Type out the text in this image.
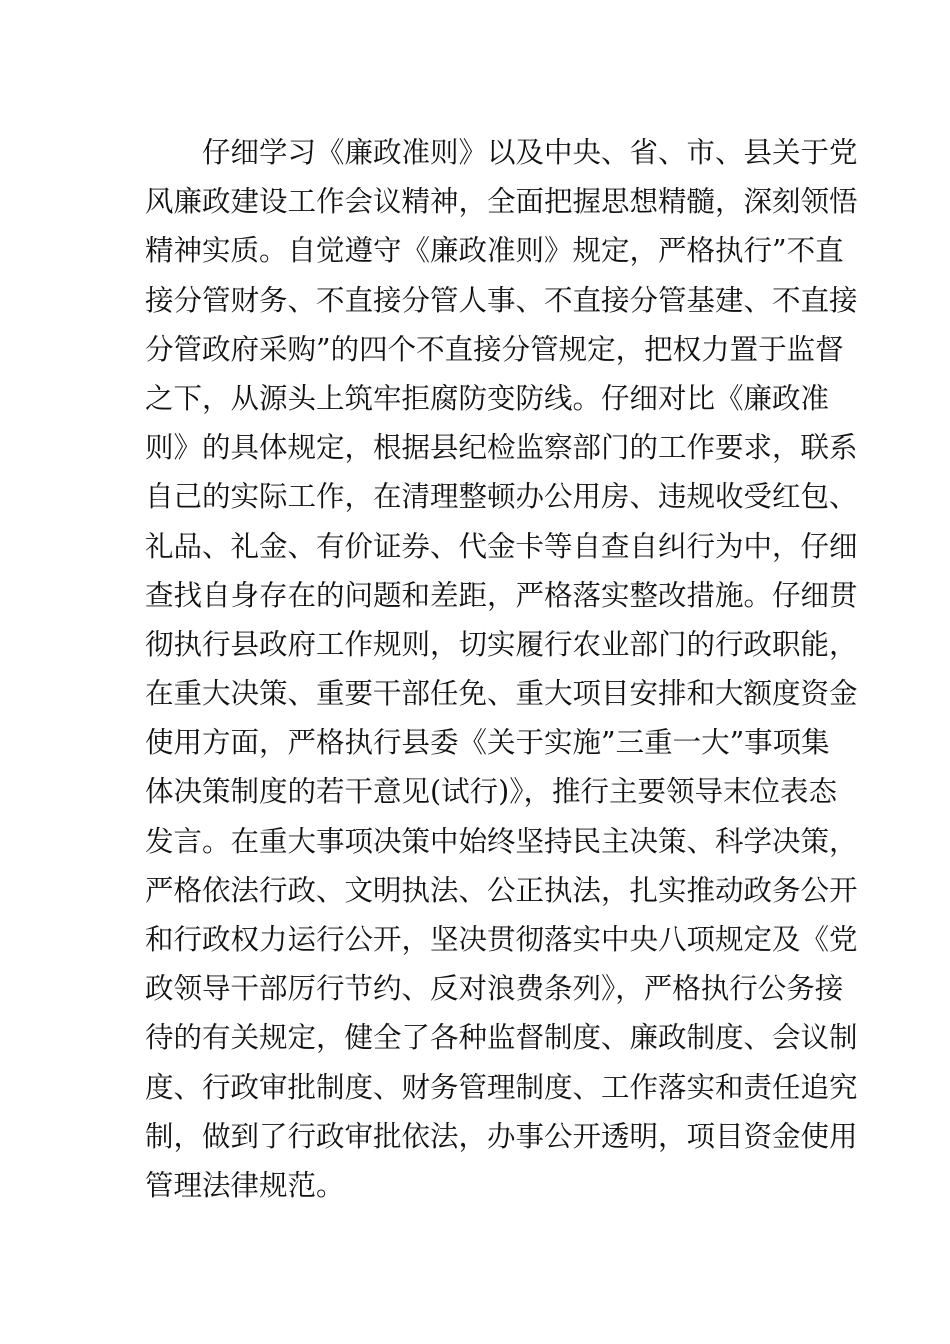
仔细学习《廉政准则》以及中央、省、市、县关于党
风廉政建设工作会议精神，全面把握思想精髓，深刻领悟
精神实质。自觉遵守《廉政准则》规定，严格执行”不直
接分管财务、不直接分管人事、不直接分管基建、不直接
分管政府采购”的四个不直接分管规定，把权力置于监督
之下，从源头上筑牢拒腐防变防线。仔细对比《廉政准
则》的具体规定，根据县纪检监察部门的工作要求，联系
自己的实际工作，在清理整顿办公用房、违规收受红包、
礼品、礼金、有价证券、代金卡等自查自纠行为中，仔细
查找自身存在的问题和差距，严格落实整改措施。仔细贯
彻执行县政府工作规则，切实履行农业部门的行政职能，
在重大决策、重要干部任免、重大项目安排和大额度资金
使用方面，严格执行县委《关于实施”三重一大”事项集
体决策制度的若干意见(试行)》，推行主要领导末位表态
发言。在重大事项决策中始终坚持民主决策、科学决策，
严格依法行政、文明执法、公正执法，扎实推动政务公开
和行政权力运行公开，坚决贯彻落实中央八项规定及《党
政领导干部厉行节约、反对浪费条列》，严格执行公务接
待的有关规定，健全了各种监督制度、廉政制度、会议制
度、行政审批制度、财务管理制度、工作落实和责任追究
制，做到了行政审批依法，办事公开透明，项目资金使用
管理法律规范。
